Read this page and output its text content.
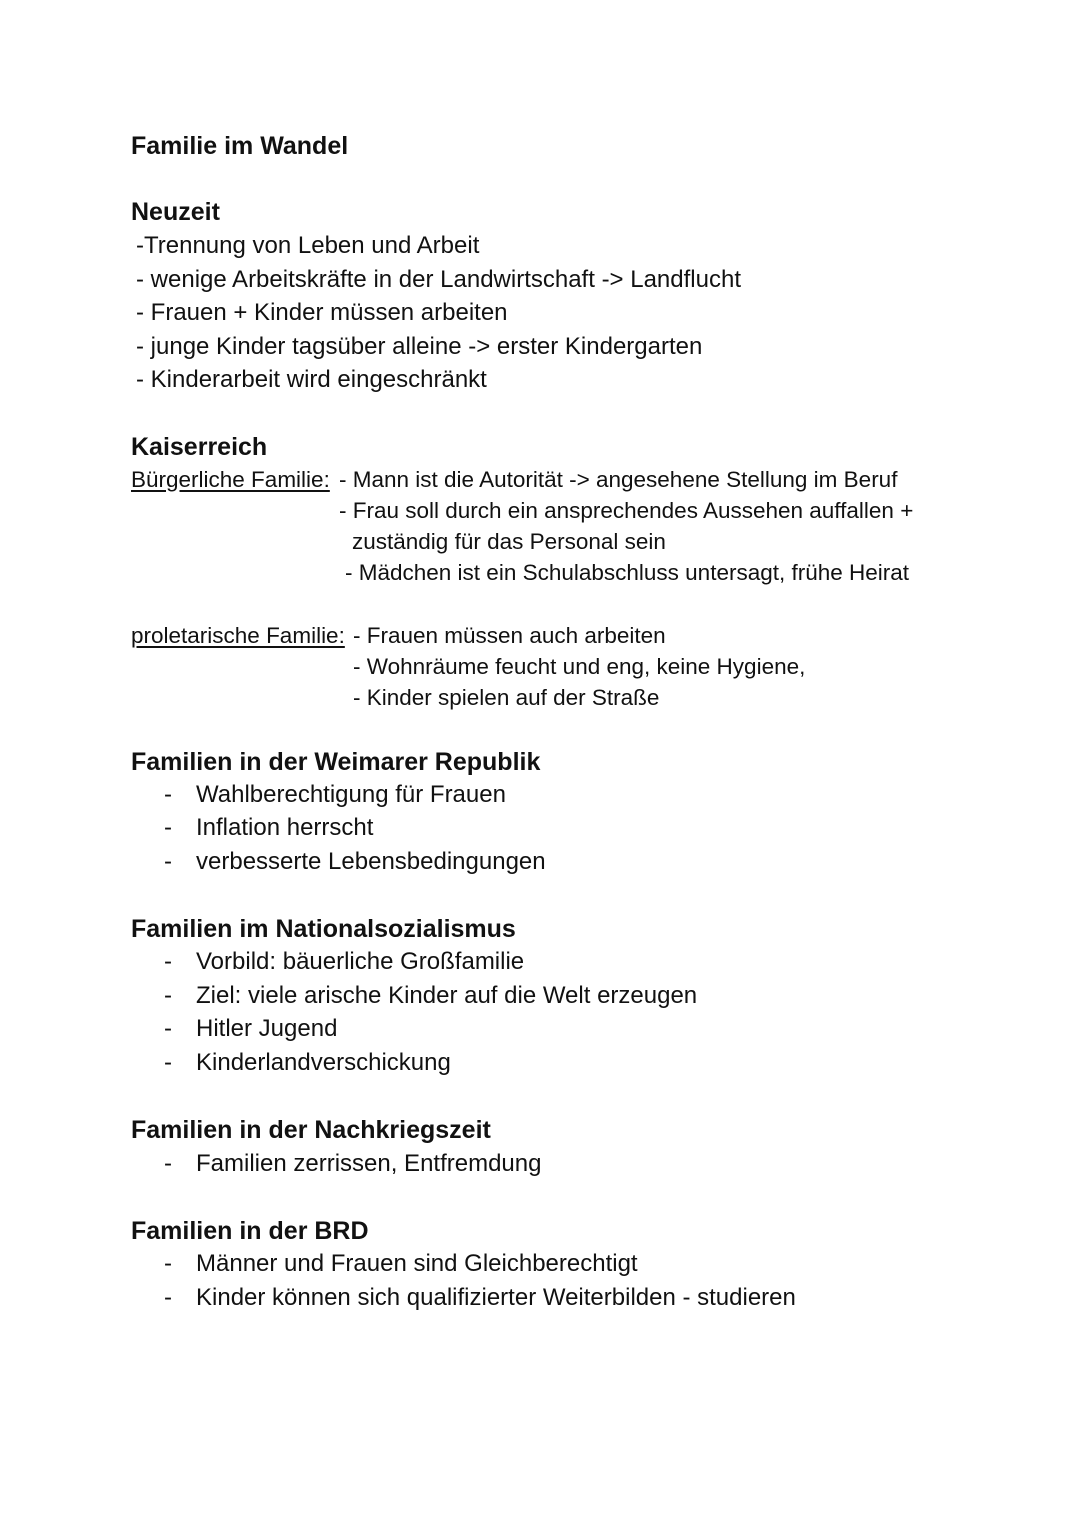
Familie im Wandel
Neuzeit
-Trennung von Leben und Arbeit
- wenige Arbeitskräfte in der Landwirtschaft -> Landflucht
- Frauen + Kinder müssen arbeiten
- junge Kinder tagsüber alleine -> erster Kindergarten
- Kinderarbeit wird eingeschränkt
Kaiserreich
Bürgerliche Familie: - Mann ist die Autorität -> angesehene Stellung im Beruf
- Frau soll durch ein ansprechendes Aussehen auffallen +
zuständig für das Personal sein
- Mädchen ist ein Schulabschluss untersagt, frühe Heirat
proletarische Familie: - Frauen müssen auch arbeiten
- Wohnräume feucht und eng, keine Hygiene,
- Kinder spielen auf der Straße
Familien in der Weimarer Republik
- Wahlberechtigung für Frauen
- Inflation herrscht
- verbesserte Lebensbedingungen
Familien im Nationalsozialismus
- Vorbild: bäuerliche Großfamilie
- Ziel: viele arische Kinder auf die Welt erzeugen
- Hitler Jugend
- Kinderlandverschickung
Familien in der Nachkriegszeit
- Familien zerrissen, Entfremdung
Familien in der BRD
- Männer und Frauen sind Gleichberechtigt
- Kinder können sich qualifizierter Weiterbilden - studieren
